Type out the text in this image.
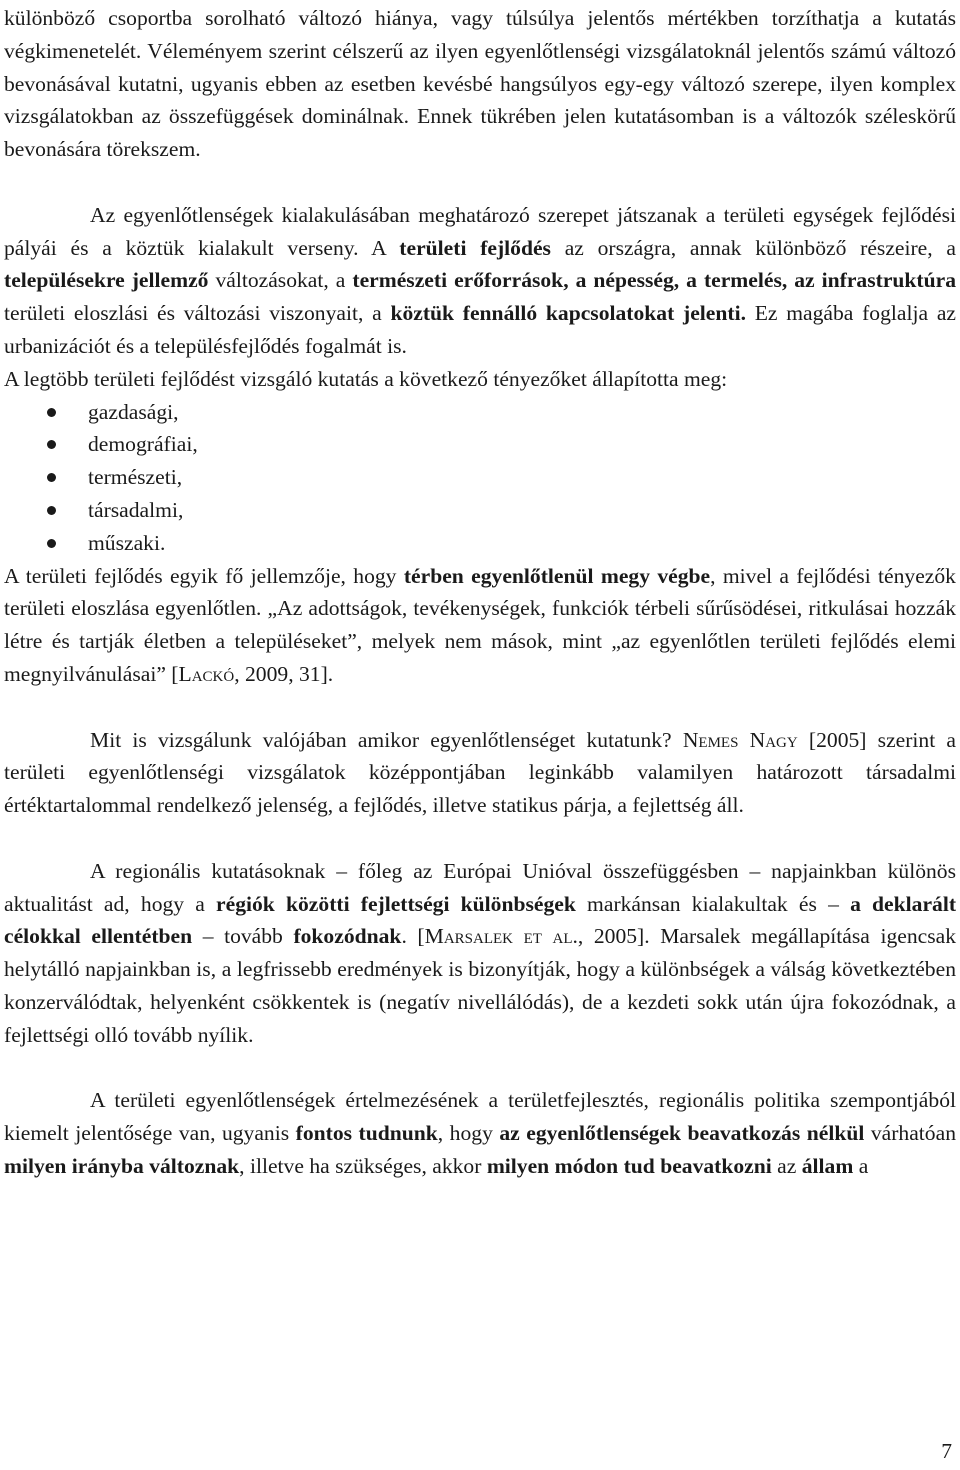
különböző csoportba sorolható változó hiánya, vagy túlsúlya jelentős mértékben torzíthatja a kutatás végkimenetelét. Véleményem szerint célszerű az ilyen egyenlőtlenségi vizsgálatoknál jelentős számú változó bevonásával kutatni, ugyanis ebben az esetben kevésbé hangsúlyos egy-egy változó szerepe, ilyen komplex vizsgálatokban az összefüggések dominálnak. Ennek tükrében jelen kutatásomban is a változók széleskörű bevonására törekszem.

Az egyenlőtlenségek kialakulásában meghatározó szerepet játszanak a területi egységek fejlődési pályái és a köztük kialakult verseny. A területi fejlődés az országra, annak különböző részeire, a településekre jellemző változásokat, a természeti erőforrások, a népesség, a termelés, az infrastruktúra területi eloszlási és változási viszonyait, a köztük fennálló kapcsolatokat jelenti. Ez magába foglalja az urbanizációt és a településfejlődés fogalmát is.

A legtöbb területi fejlődést vizsgáló kutatás a következő tényezőket állapította meg:

gazdasági,
demográfiai,
természeti,
társadalmi,
műszaki.

A területi fejlődés egyik fő jellemzője, hogy térben egyenlőtlenül megy végbe, mivel a fejlődési tényezők területi eloszlása egyenlőtlen. „Az adottságok, tevékenységek, funkciók térbeli sűrűsödései, ritkulásai hozzák létre és tartják életben a településeket”, melyek nem mások, mint „az egyenlőtlen területi fejlődés elemi megnyilvánulásai” [Lackó, 2009, 31].

Mit is vizsgálunk valójában amikor egyenlőtlenséget kutatunk? Nemes Nagy [2005] szerint a területi egyenlőtlenségi vizsgálatok középpontjában leginkább valamilyen határozott társadalmi értéktartalommal rendelkező jelenség, a fejlődés, illetve statikus párja, a fejlettség áll.

A regionális kutatásoknak – főleg az Európai Unióval összefüggésben – napjainkban különös aktualitást ad, hogy a régiók közötti fejlettségi különbségek markánsan kialakultak és – a deklarált célokkal ellentétben – tovább fokozódnak. [Marsalek et al., 2005]. Marsalek megállapítása igencsak helytálló napjainkban is, a legfrissebb eredmények is bizonyítják, hogy a különbségek a válság következtében konzerválódtak, helyenként csökkentek is (negatív nivellálódás), de a kezdeti sokk után újra fokozódnak, a fejlettségi olló tovább nyílik.

A területi egyenlőtlenségek értelmezésének a területfejlesztés, regionális politika szempontjából kiemelt jelentősége van, ugyanis fontos tudnunk, hogy az egyenlőtlenségek beavatkozás nélkül várhatóan milyen irányba változnak, illetve ha szükséges, akkor milyen módon tud beavatkozni az állam a

7
